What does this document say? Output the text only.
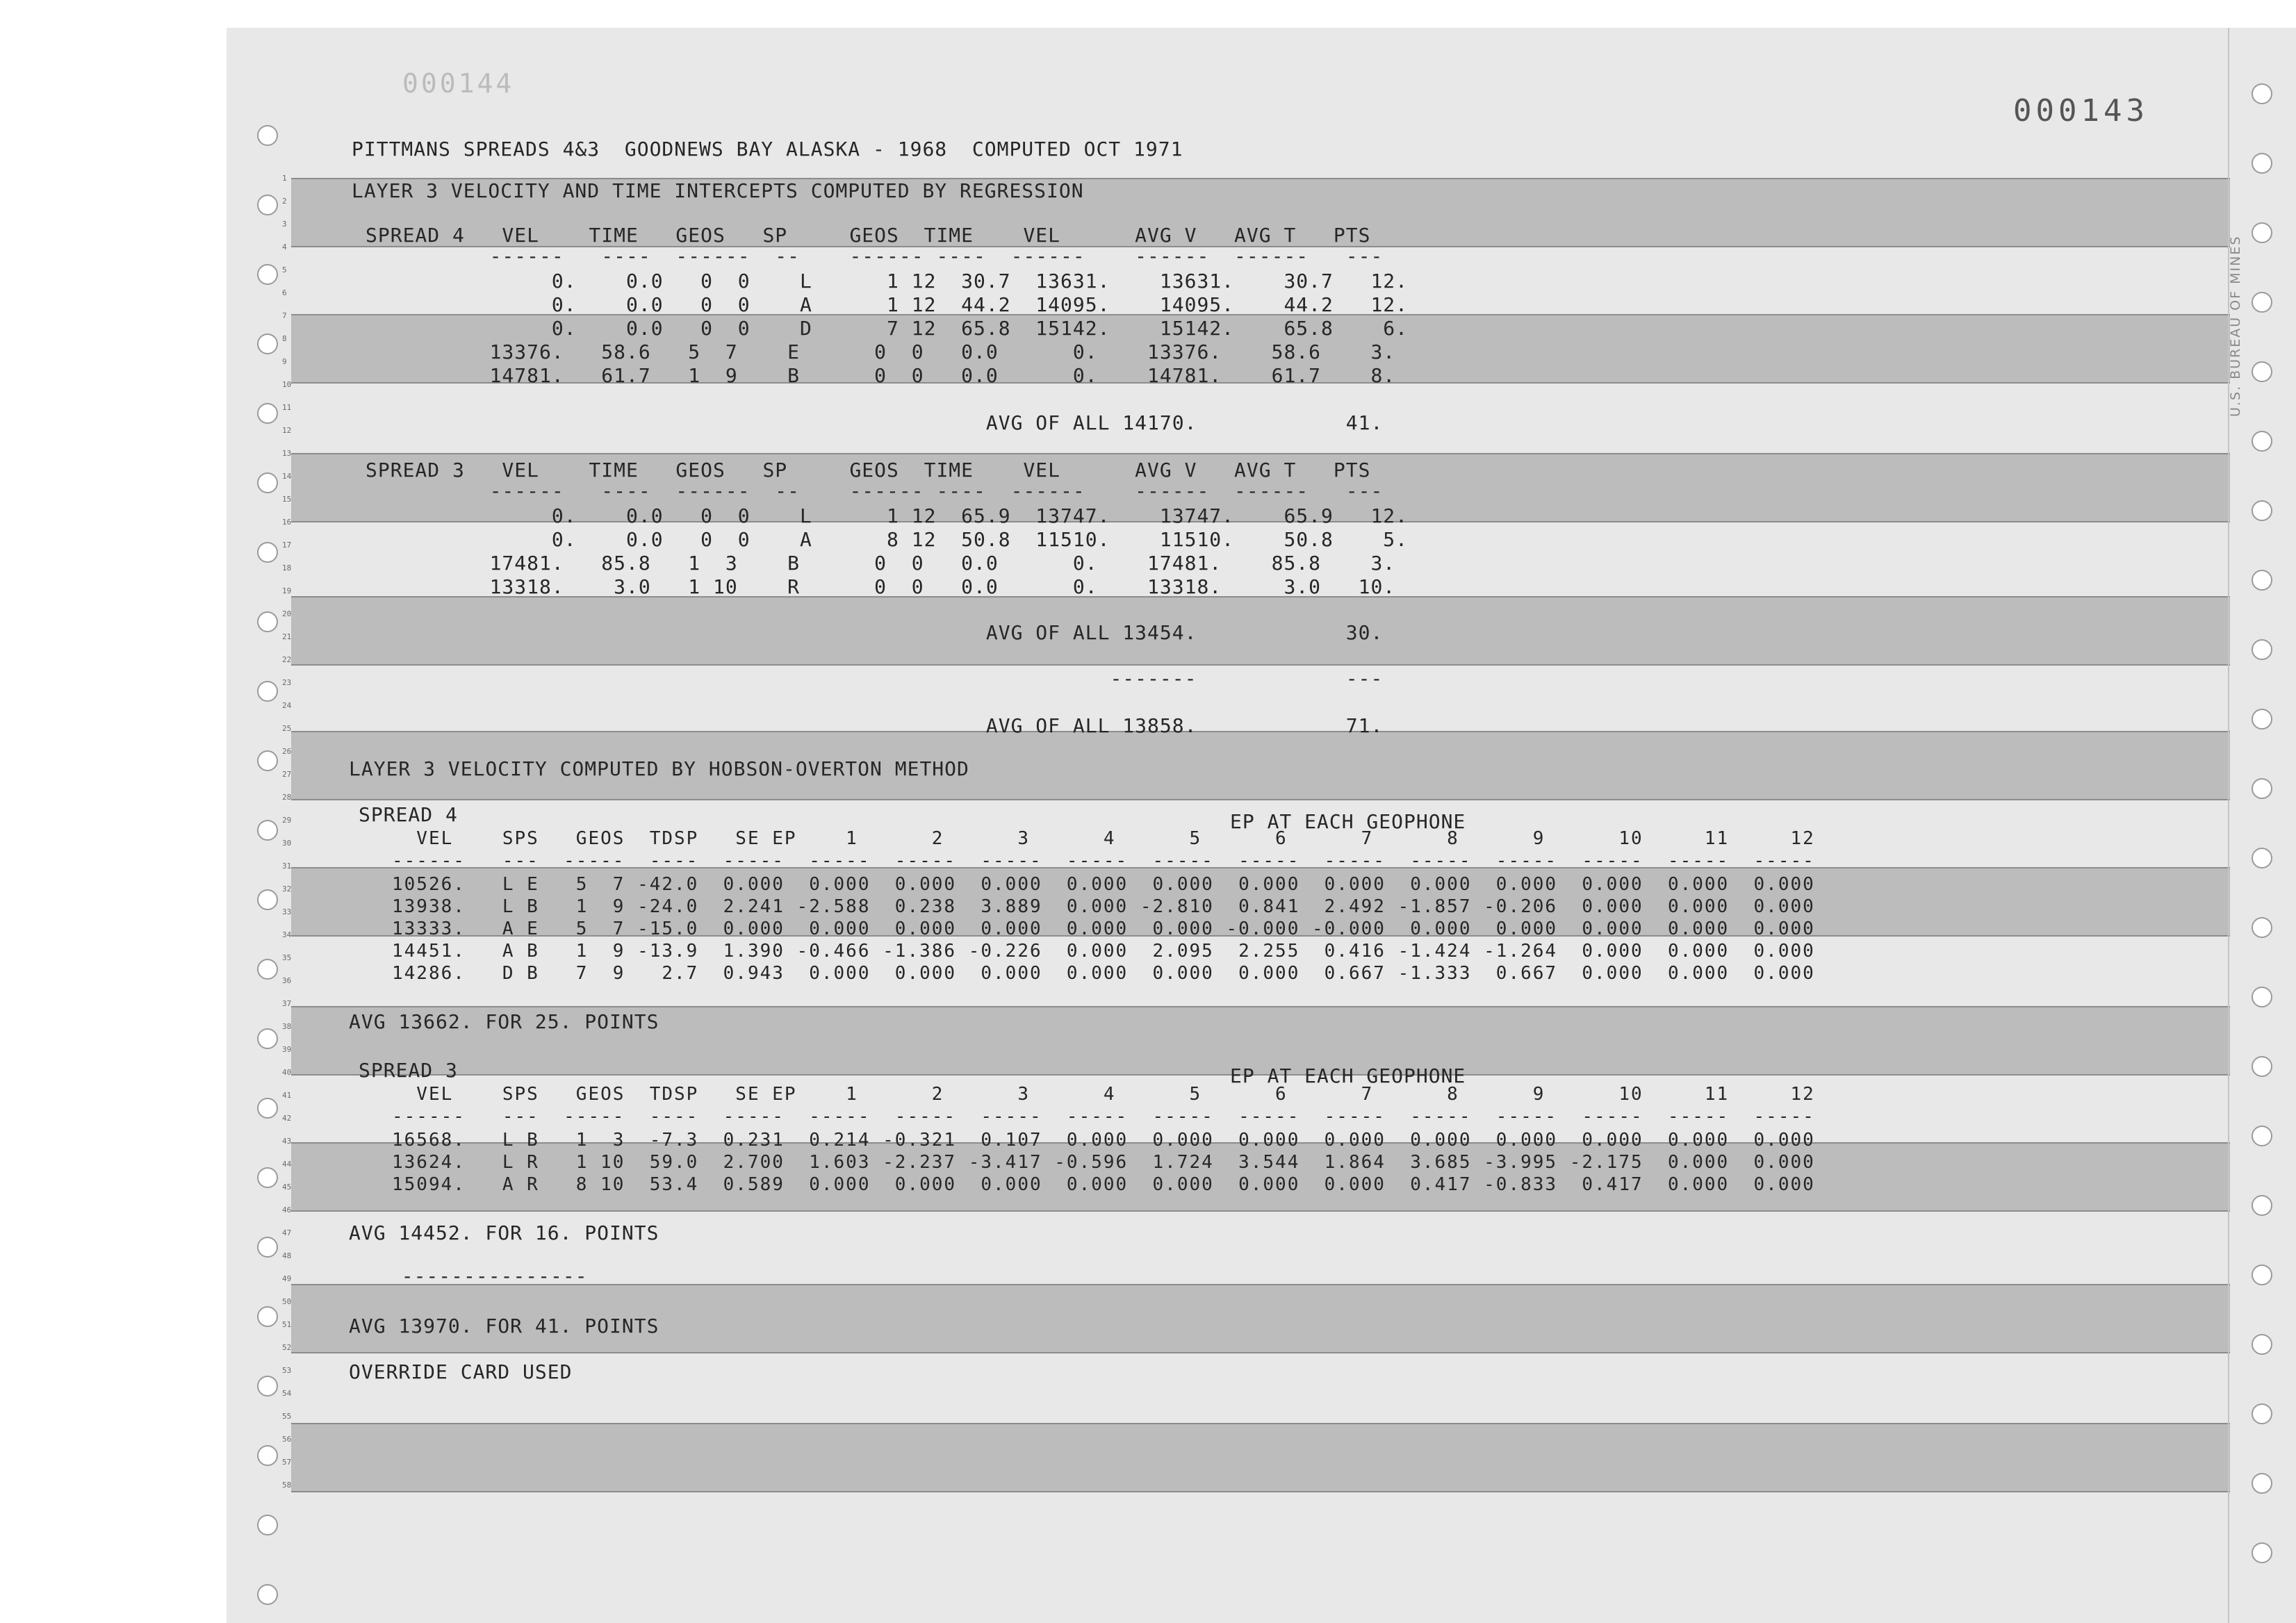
1
2
3
4
5
6
7
8
9
10
11
12
13
14
15
16
17
18
19
20
21
22
23
24
25
26
27
28
29
30
31
32
33
34
35
36
37
38
39
40
41
42
43
44
45
46
47
48
49
50
51
52
53
54
55
56
57
58
000144
000143
U.S. BUREAU OF MINES
PITTMANS SPREADS 4&3  GOODNEWS BAY ALASKA - 1968  COMPUTED OCT 1971
LAYER 3 VELOCITY AND TIME INTERCEPTS COMPUTED BY REGRESSION
SPREAD 4   VEL    TIME   GEOS   SP     GEOS  TIME    VEL      AVG V   AVG T   PTS
------   ----  ------  --    ------ ----  ------    ------  ------   ---
0.    0.0   0  0    L      1 12  30.7  13631.    13631.    30.7   12.
0.    0.0   0  0    A      1 12  44.2  14095.    14095.    44.2   12.
0.    0.0   0  0    D      7 12  65.8  15142.    15142.    65.8    6.
13376.   58.6   5  7    E      0  0   0.0      0.    13376.    58.6    3.
14781.   61.7   1  9    B      0  0   0.0      0.    14781.    61.7    8.
AVG OF ALL 14170.            41.
SPREAD 3   VEL    TIME   GEOS   SP     GEOS  TIME    VEL      AVG V   AVG T   PTS
------   ----  ------  --    ------ ----  ------    ------  ------   ---
0.    0.0   0  0    L      1 12  65.9  13747.    13747.    65.9   12.
0.    0.0   0  0    A      8 12  50.8  11510.    11510.    50.8    5.
17481.   85.8   1  3    B      0  0   0.0      0.    17481.    85.8    3.
13318.    3.0   1 10    R      0  0   0.0      0.    13318.     3.0   10.
AVG OF ALL 13454.            30.
-------            ---
AVG OF ALL 13858.            71.
LAYER 3 VELOCITY COMPUTED BY HOBSON-OVERTON METHOD
SPREAD 4	EP AT EACH GEOPHONE
VEL    SPS   GEOS  TDSP   SE EP    1      2      3      4      5      6      7      8      9      10     11     12
------   ---  -----  ----  -----  -----  -----  -----  -----  -----  -----  -----  -----  -----  -----  -----  -----
10526.   L E   5  7 -42.0  0.000  0.000  0.000  0.000  0.000  0.000  0.000  0.000  0.000  0.000  0.000  0.000  0.000
13938.   L B   1  9 -24.0  2.241 -2.588  0.238  3.889  0.000 -2.810  0.841  2.492 -1.857 -0.206  0.000  0.000  0.000
13333.   A E   5  7 -15.0  0.000  0.000  0.000  0.000  0.000  0.000 -0.000 -0.000  0.000  0.000  0.000  0.000  0.000
14451.   A B   1  9 -13.9  1.390 -0.466 -1.386 -0.226  0.000  2.095  2.255  0.416 -1.424 -1.264  0.000  0.000  0.000
14286.   D B   7  9   2.7  0.943  0.000  0.000  0.000  0.000  0.000  0.000  0.667 -1.333  0.667  0.000  0.000  0.000
AVG 13662. FOR 25. POINTS
SPREAD 3	EP AT EACH GEOPHONE
VEL    SPS   GEOS  TDSP   SE EP    1      2      3      4      5      6      7      8      9      10     11     12
------   ---  -----  ----  -----  -----  -----  -----  -----  -----  -----  -----  -----  -----  -----  -----  -----
16568.   L B   1  3  -7.3  0.231  0.214 -0.321  0.107  0.000  0.000  0.000  0.000  0.000  0.000  0.000  0.000  0.000
13624.   L R   1 10  59.0  2.700  1.603 -2.237 -3.417 -0.596  1.724  3.544  1.864  3.685 -3.995 -2.175  0.000  0.000
15094.   A R   8 10  53.4  0.589  0.000  0.000  0.000  0.000  0.000  0.000  0.000  0.417 -0.833  0.417  0.000  0.000
AVG 14452. FOR 16. POINTS
---------------
AVG 13970. FOR 41. POINTS
OVERRIDE CARD USED
